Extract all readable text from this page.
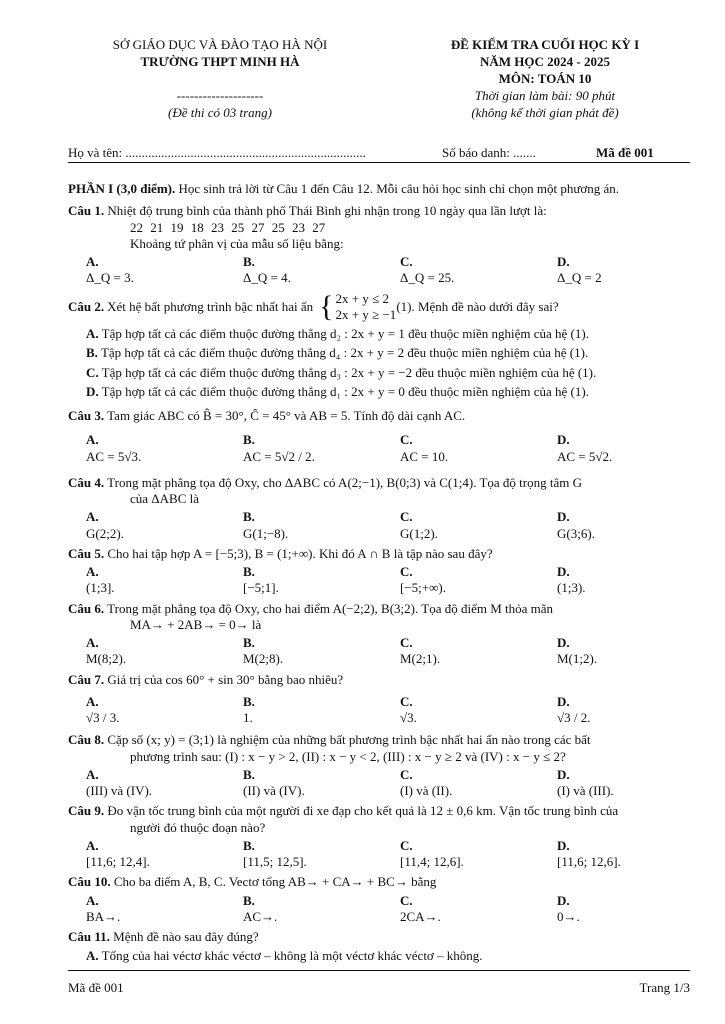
SỞ GIÁO DỤC VÀ ĐÀO TẠO HÀ NỘI
TRƯỜNG THPT MINH HÀ
--------------------
(Đề thi có 03 trang)
ĐỀ KIỂM TRA CUỐI HỌC KỲ I
NĂM HỌC 2024 - 2025
MÔN: TOÁN 10
Thời gian làm bài: 90 phút
(không kể thời gian phát đề)
Họ và tên: ..........................................................................	Số báo danh: .......	Mã đề 001
PHẦN I (3,0 điểm). Học sinh trả lời từ Câu 1 đến Câu 12. Mỗi câu hỏi học sinh chỉ chọn một phương án.
Câu 1. Nhiệt độ trung bình của thành phố Thái Bình ghi nhận trong 10 ngày qua lần lượt là:
22 21 19 18 23 25 27 25 23 27
Khoảng tứ phân vị của mẫu số liệu bằng:
A. Δ_Q = 3.
B. Δ_Q = 4.
C. Δ_Q = 25.
D. Δ_Q = 2
Câu 2. Xét hệ bất phương trình bậc nhất hai ẩn { 2x + y ≤ 2
2x + y ≥ −1
(1). Mệnh đề nào dưới đây sai?
A. Tập hợp tất cả các điểm thuộc đường thẳng d₂ : 2x + y = 1 đều thuộc miền nghiệm của hệ (1).
B. Tập hợp tất cả các điểm thuộc đường thẳng d₄ : 2x + y = 2 đều thuộc miền nghiệm của hệ (1).
C. Tập hợp tất cả các điểm thuộc đường thẳng d₃ : 2x + y = −2 đều thuộc miền nghiệm của hệ (1).
D. Tập hợp tất cả các điểm thuộc đường thẳng d₁ : 2x + y = 0 đều thuộc miền nghiệm của hệ (1).
Câu 3. Tam giác ABC có B̂ = 30°, Ĉ = 45° và AB = 5. Tính độ dài cạnh AC.
A. AC = 5√3.
B. AC = 5√2 / 2.
C. AC = 10.
D. AC = 5√2.
Câu 4. Trong mặt phẳng tọa độ Oxy, cho ΔABC có A(2;−1), B(0;3) và C(1;4). Tọa độ trọng tâm G
của ΔABC là
A. G(2;2).
B. G(1;−8).
C. G(1;2).
D. G(3;6).
Câu 5. Cho hai tập hợp A = [−5;3), B = (1;+∞). Khi đó A ∩ B là tập nào sau đây?
A. (1;3].
B. [−5;1].
C. [−5;+∞).
D. (1;3).
Câu 6. Trong mặt phẳng tọa độ Oxy, cho hai điểm A(−2;2), B(3;2). Tọa độ điểm M thỏa mãn
MA→ + 2AB→ = 0→ là
A. M(8;2).
B. M(2;8).
C. M(2;1).
D. M(1;2).
Câu 7. Giá trị của cos 60° + sin 30° bằng bao nhiêu?
A. √3 / 3.
B. 1.
C. √3.
D. √3 / 2.
Câu 8. Cặp số (x; y) = (3;1) là nghiệm của những bất phương trình bậc nhất hai ẩn nào trong các bất
phương trình sau: (I) : x − y > 2, (II) : x − y < 2, (III) : x − y ≥ 2 và (IV) : x − y ≤ 2?
A. (III) và (IV).
B. (II) và (IV).
C. (I) và (II).
D. (I) và (III).
Câu 9. Đo vận tốc trung bình của một người đi xe đạp cho kết quả là 12 ± 0,6 km. Vận tốc trung bình của
người đó thuộc đoạn nào?
A. [11,6; 12,4].
B. [11,5; 12,5].
C. [11,4; 12,6].
D. [11,6; 12,6].
Câu 10. Cho ba điểm A, B, C. Vectơ tổng AB→ + CA→ + BC→ bằng
A. BA→.
B. AC→.
C. 2CA→.
D. 0→.
Câu 11. Mệnh đề nào sau đây đúng?
A. Tổng của hai véctơ khác véctơ – không là một véctơ khác véctơ – không.
Mã đề 001	Trang 1/3
